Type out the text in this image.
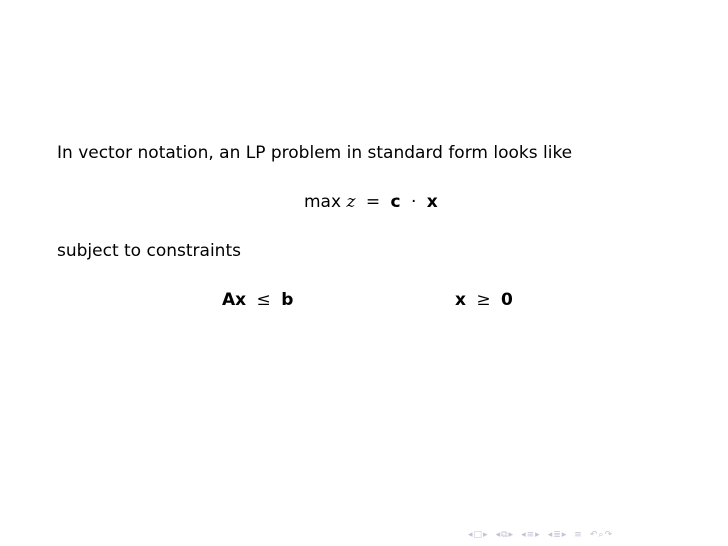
In vector notation, an LP problem in standard form looks like
max z = c · x
subject to constraints
Ax ≤ b	x ≥ 0
◂ □ ▸ ◂ ⧉ ▸ ◂ ≡ ▸ ◂ ≣ ▸ ≡ ↶ ⌕ ↷
